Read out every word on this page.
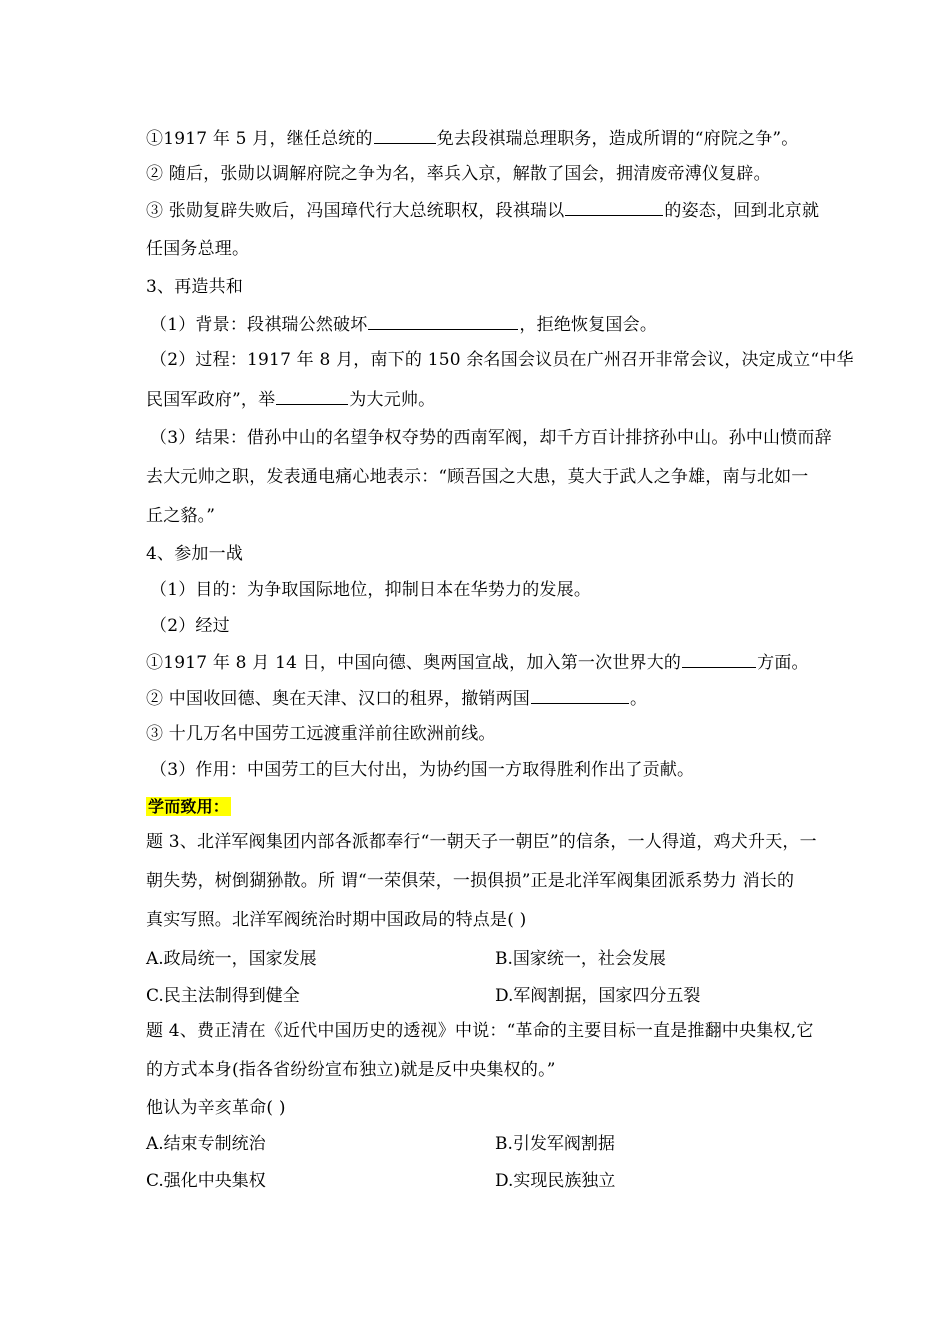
①1917 年 5 月，继任总统的	免去段祺瑞总理职务，造成所谓的“府院之争”。
② 随后，张勋以调解府院之争为名，率兵入京，解散了国会，拥清废帝溥仪复辟。
③ 张勋复辟失败后，冯国璋代行大总统职权，段祺瑞以	的姿态，回到北京就
任国务总理。
3、再造共和
（1）背景：段祺瑞公然破坏	，拒绝恢复国会。
（2）过程：1917 年 8 月，南下的 150 余名国会议员在广州召开非常会议，决定成立“中华
民国军政府”，举	为大元帅。
（3）结果：借孙中山的名望争权夺势的西南军阀，却千方百计排挤孙中山。孙中山愤而辞
去大元帅之职，发表通电痛心地表示：“顾吾国之大患，莫大于武人之争雄，南与北如一
丘之貉。”
4、参加一战
（1）目的：为争取国际地位，抑制日本在华势力的发展。
（2）经过
①1917 年 8 月 14 日，中国向德、奥两国宣战，加入第一次世界大的	方面。
② 中国收回德、奥在天津、汉口的租界，撤销两国	。
③ 十几万名中国劳工远渡重洋前往欧洲前线。
（3）作用：中国劳工的巨大付出，为协约国一方取得胜利作出了贡献。
学而致用：
题 3、北洋军阀集团内部各派都奉行“一朝天子一朝臣”的信条，一人得道，鸡犬升天，一
朝失势，树倒猢狲散。所 谓“一荣俱荣，一损俱损”正是北洋军阀集团派系势力 消长的
真实写照。北洋军阀统治时期中国政局的特点是( )
A.政局统一，国家发展	B.国家统一，社会发展
C.民主法制得到健全	D.军阀割据，国家四分五裂
题 4、费正清在《近代中国历史的透视》中说：“革命的主要目标一直是推翻中央集权,它
的方式本身(指各省纷纷宣布独立)就是反中央集权的。”
他认为辛亥革命( )
A.结束专制统治	B.引发军阀割据
C.强化中央集权	D.实现民族独立
